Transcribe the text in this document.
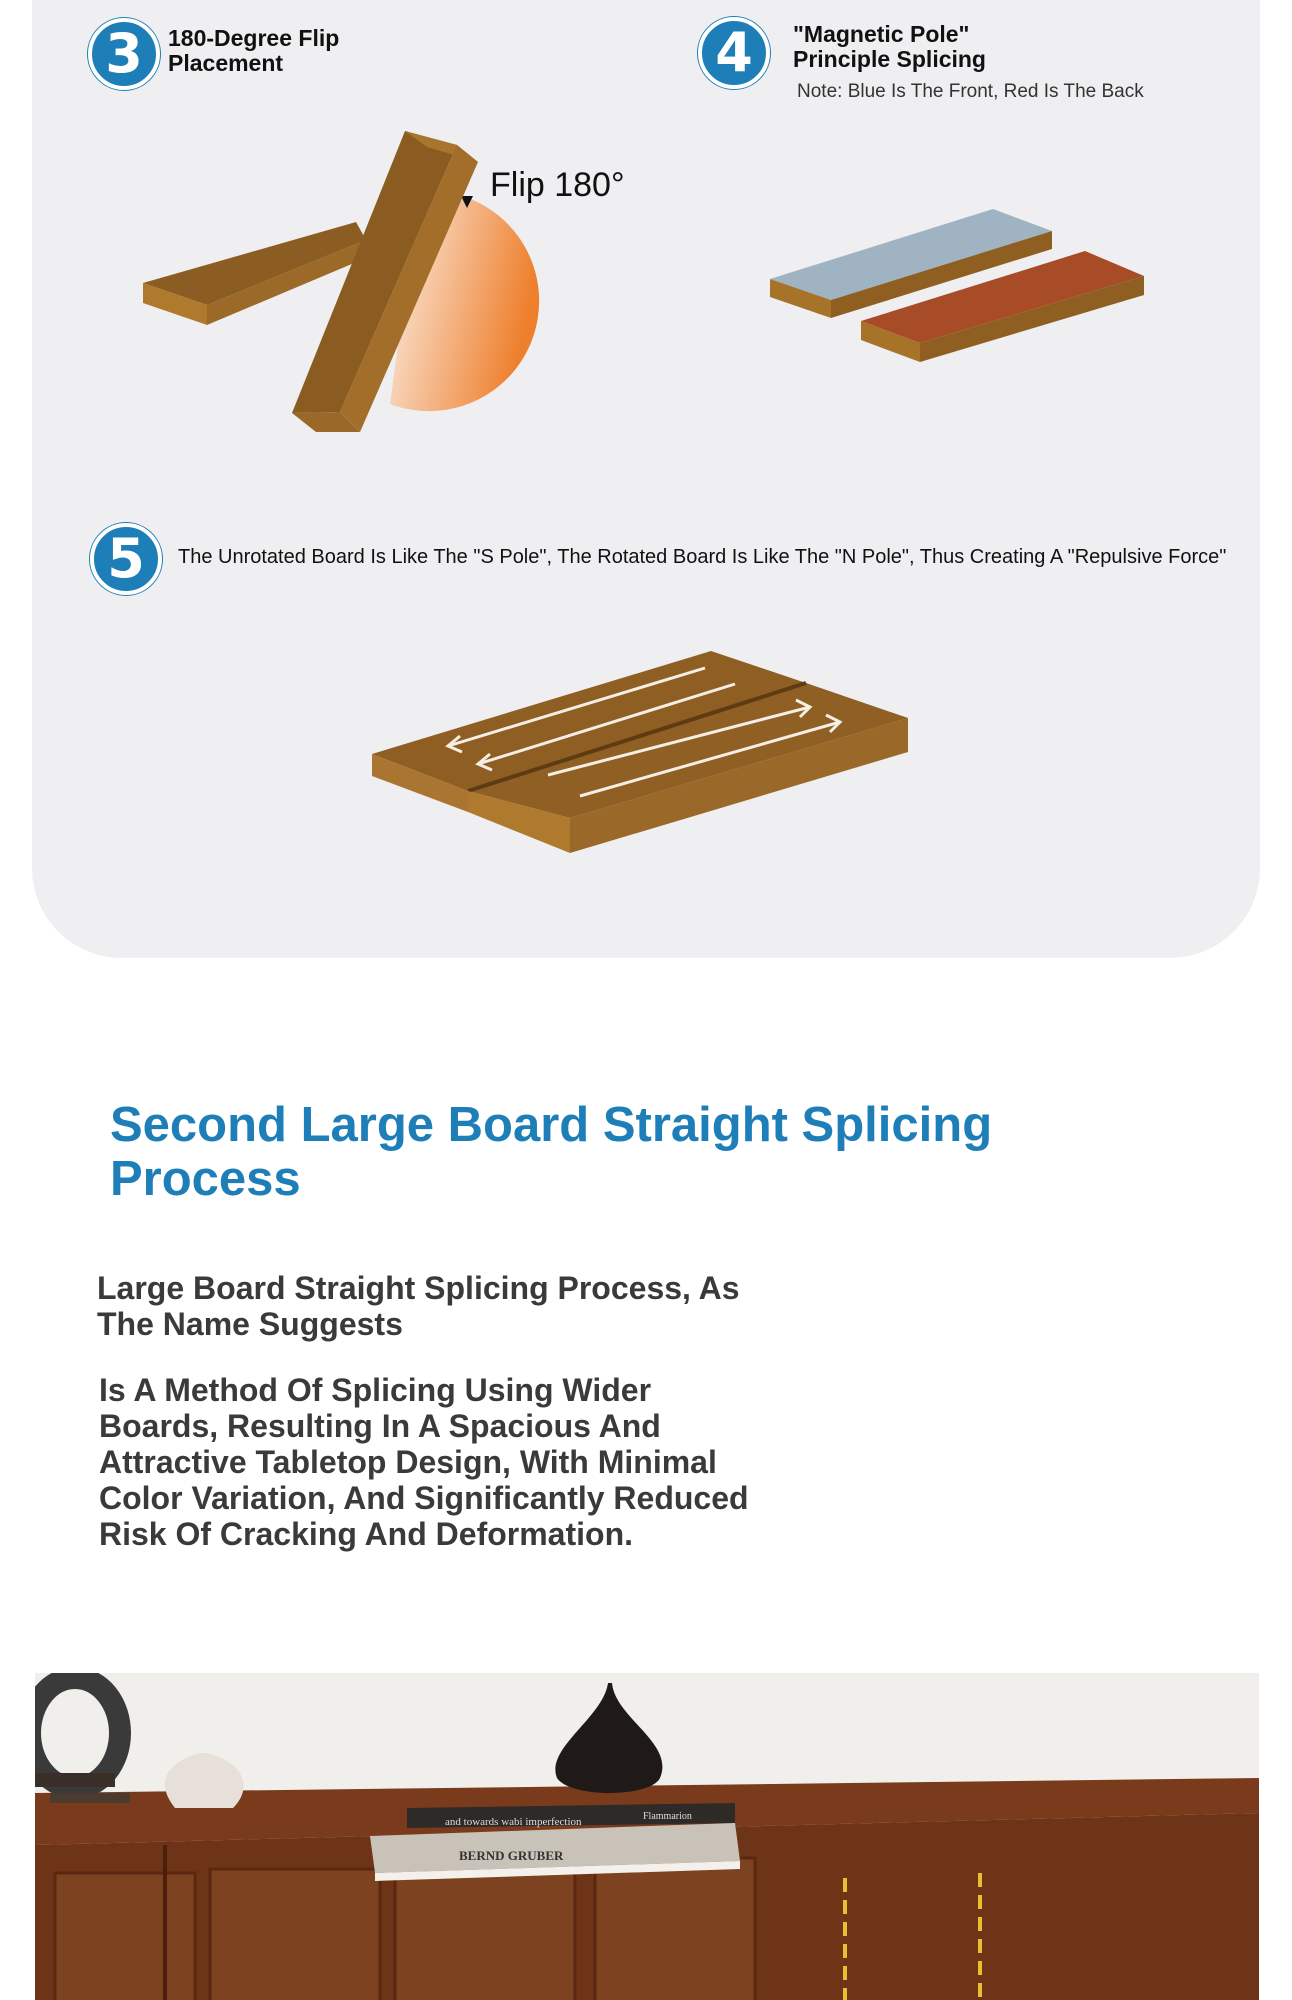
3	180-Degree Flip
Placement
Flip 180°
4	"Magnetic Pole"
Principle Splicing
Note: Blue Is The Front, Red Is The Back
5	The Unrotated Board Is Like The "S Pole", The Rotated Board Is Like The "N Pole", Thus Creating A "Repulsive Force"
Second Large Board Straight Splicing Process
Large Board Straight Splicing Process, As The Name Suggests
Is A Method Of Splicing Using Wider Boards, Resulting In A Spacious And Attractive Tabletop Design, With Minimal Color Variation, And Significantly Reduced Risk Of Cracking And Deformation.
and towards wabi imperfection	Flammarion
BERND GRUBER
